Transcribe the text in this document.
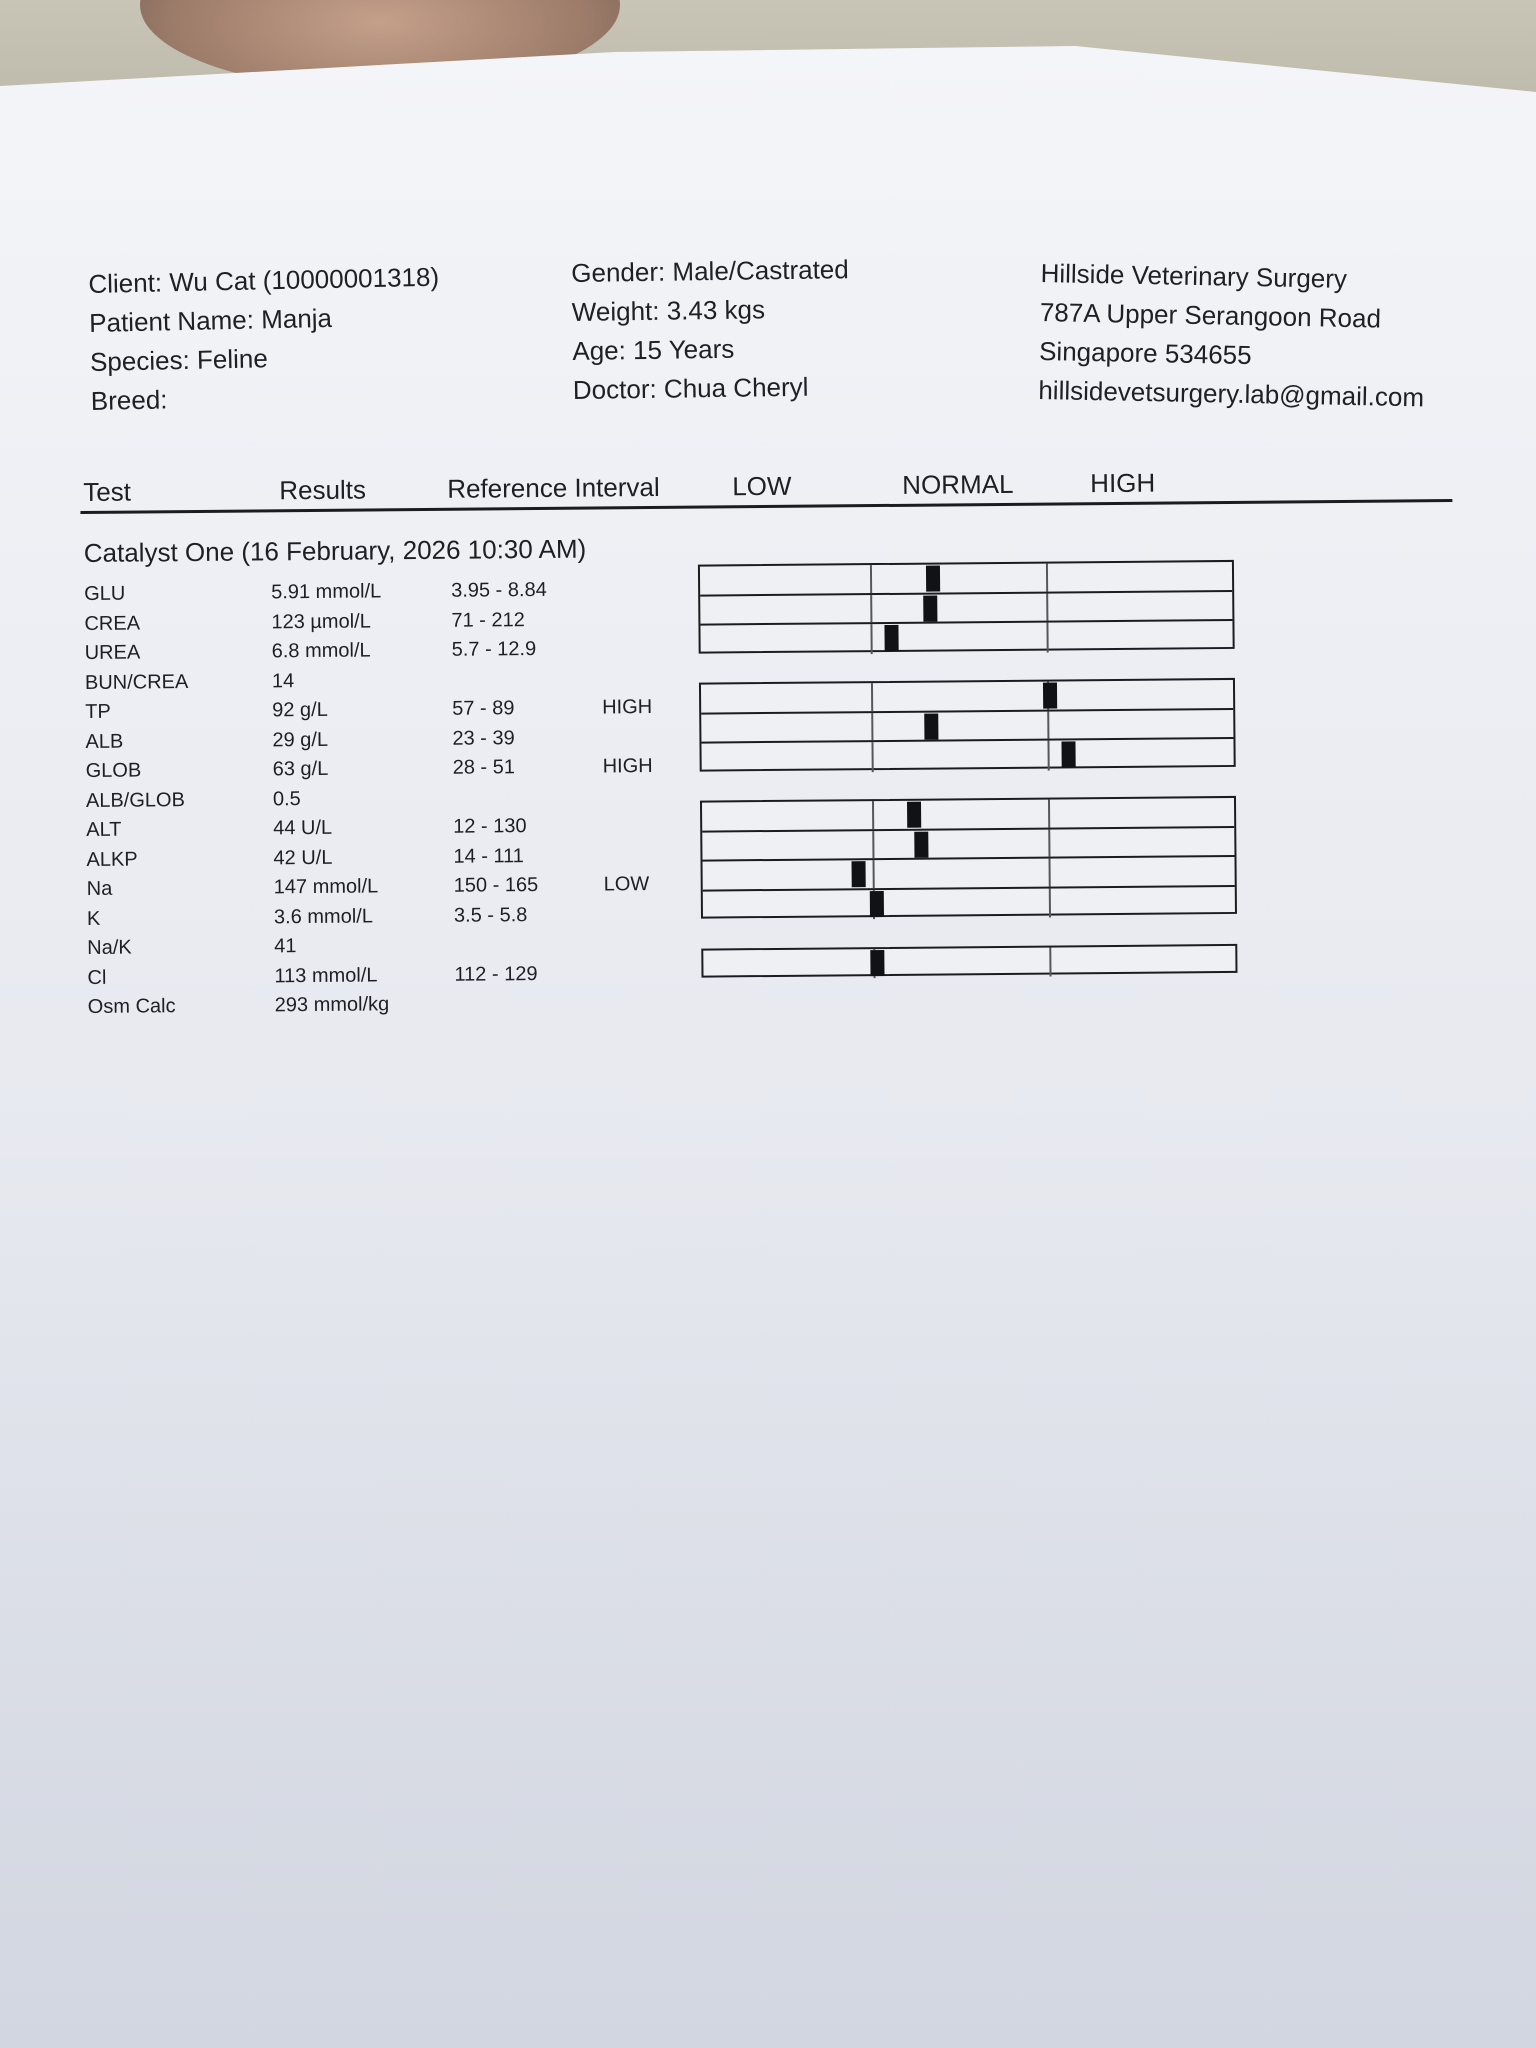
Client: Wu Cat (10000001318)
Patient Name: Manja
Species: Feline
Breed:
Gender: Male/Castrated
Weight: 3.43 kgs
Age: 15 Years
Doctor: Chua Cheryl
Hillside Veterinary Surgery
787A Upper Serangoon Road
Singapore 534655
hillsidevetsurgery.lab@gmail.com
Test	Results	Reference Interval	LOW	NORMAL	HIGH
Catalyst One (16 February, 2026 10:30 AM)
GLU	5.91 mmol/L	3.95 - 8.84
CREA	123 µmol/L	71 - 212
UREA	6.8 mmol/L	5.7 - 12.9
BUN/CREA	14
TP	92 g/L	57 - 89	HIGH
ALB	29 g/L	23 - 39
GLOB	63 g/L	28 - 51	HIGH
ALB/GLOB	0.5
ALT	44 U/L	12 - 130
ALKP	42 U/L	14 - 111
Na	147 mmol/L	150 - 165	LOW
K	3.6 mmol/L	3.5 - 5.8
Na/K	41
Cl	113 mmol/L	112 - 129
Osm Calc	293 mmol/kg
